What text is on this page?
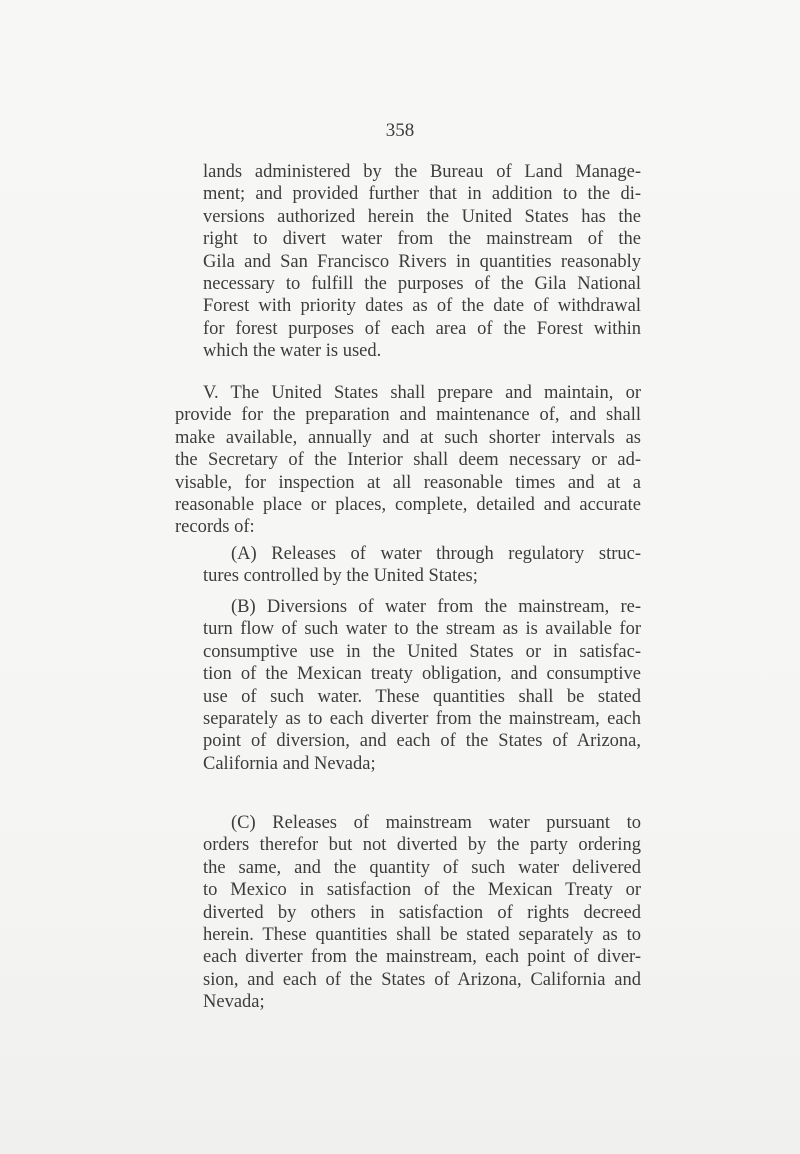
358
lands administered by the Bureau of Land Manage-
ment; and provided further that in addition to the di-
versions authorized herein the United States has the
right to divert water from the mainstream of the
Gila and San Francisco Rivers in quantities reasonably
necessary to fulfill the purposes of the Gila National
Forest with priority dates as of the date of withdrawal
for forest purposes of each area of the Forest within
which the water is used.
V. The United States shall prepare and maintain, or
provide for the preparation and maintenance of, and shall
make available, annually and at such shorter intervals as
the Secretary of the Interior shall deem necessary or ad-
visable, for inspection at all reasonable times and at a
reasonable place or places, complete, detailed and accurate
records of:
(A) Releases of water through regulatory struc-
tures controlled by the United States;
(B) Diversions of water from the mainstream, re-
turn flow of such water to the stream as is available for
consumptive use in the United States or in satisfac-
tion of the Mexican treaty obligation, and consumptive
use of such water. These quantities shall be stated
separately as to each diverter from the mainstream, each
point of diversion, and each of the States of Arizona,
California and Nevada;
(C) Releases of mainstream water pursuant to
orders therefor but not diverted by the party ordering
the same, and the quantity of such water delivered
to Mexico in satisfaction of the Mexican Treaty or
diverted by others in satisfaction of rights decreed
herein. These quantities shall be stated separately as to
each diverter from the mainstream, each point of diver-
sion, and each of the States of Arizona, California and
Nevada;
